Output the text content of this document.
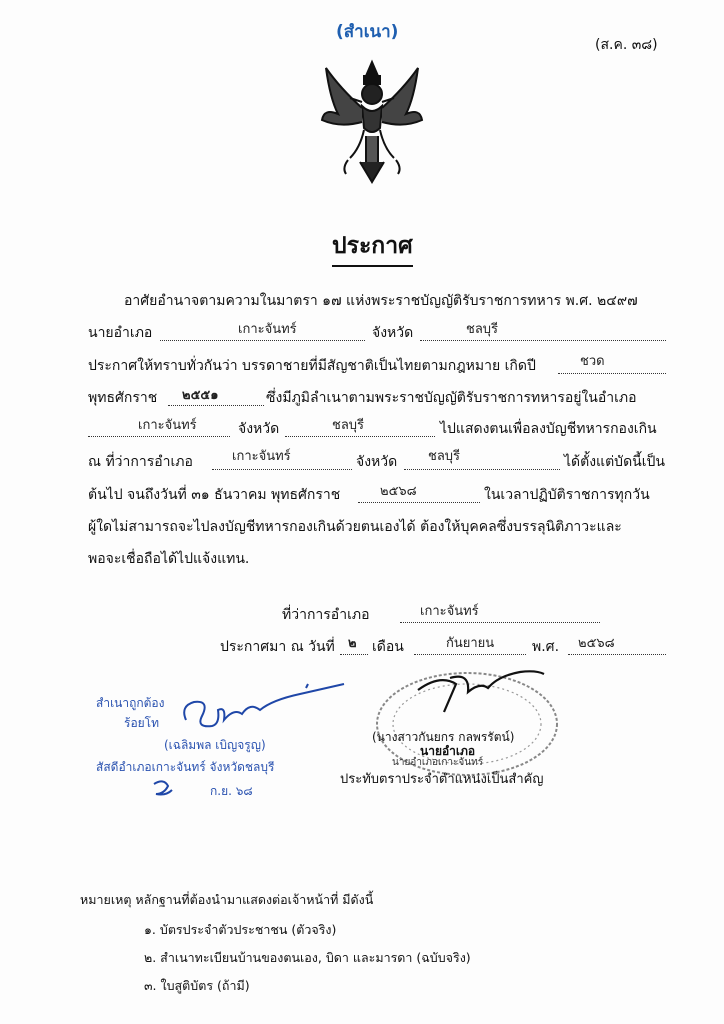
(สำเนา)
(ส.ค. ๓๘)
ประกาศ
อาศัยอำนาจตามความในมาตรา ๑๗ แห่งพระราชบัญญัติรับราชการทหาร พ.ศ. ๒๔๙๗
นายอำเภอ	เกาะจันทร์	จังหวัด	ชลบุรี
ประกาศให้ทราบทั่วกันว่า บรรดาชายที่มีสัญชาติเป็นไทยตามกฎหมาย เกิดปี	ชวด
พุทธศักราช ๒๕๕๑	ซึ่งมีภูมิลำเนาตามพระราชบัญญัติรับราชการทหารอยู่ในอำเภอ
เกาะจันทร์	จังหวัด	ชลบุรี	ไปแสดงตนเพื่อลงบัญชีทหารกองเกิน
ณ ที่ว่าการอำเภอ	เกาะจันทร์	จังหวัด ชลบุรี	ได้ตั้งแต่บัดนี้เป็น
ต้นไป จนถึงวันที่ ๓๑ ธันวาคม พุทธศักราช	๒๕๖๘	ในเวลาปฏิบัติราชการทุกวัน
ผู้ใดไม่สามารถจะไปลงบัญชีทหารกองเกินด้วยตนเองได้ ต้องให้บุคคลซึ่งบรรลุนิติภาวะและ
พอจะเชื่อถือได้ไปแจ้งแทน.
ที่ว่าการอำเภอ	เกาะจันทร์
ประกาศมา ณ วันที่ ๒ เดือน	กันยายน	พ.ศ. ๒๕๖๘
(นางสาวกันยกร กลพรรัตน์)
นายอำเภอ
นายอำเภอเกาะจันทร์
ประทับตราประจำตำแหน่งเป็นสำคัญ
สำเนาถูกต้อง
ร้อยโท
(เฉลิมพล เบิญจรูญ)
สัสดีอำเภอเกาะจันทร์ จังหวัดชลบุรี
ก.ย. ๖๘
หมายเหตุ หลักฐานที่ต้องนำมาแสดงต่อเจ้าหน้าที่ มีดังนี้
๑. บัตรประจำตัวประชาชน (ตัวจริง)
๒. สำเนาทะเบียนบ้านของตนเอง, บิดา และมารดา (ฉบับจริง)
๓. ใบสูติบัตร (ถ้ามี)
